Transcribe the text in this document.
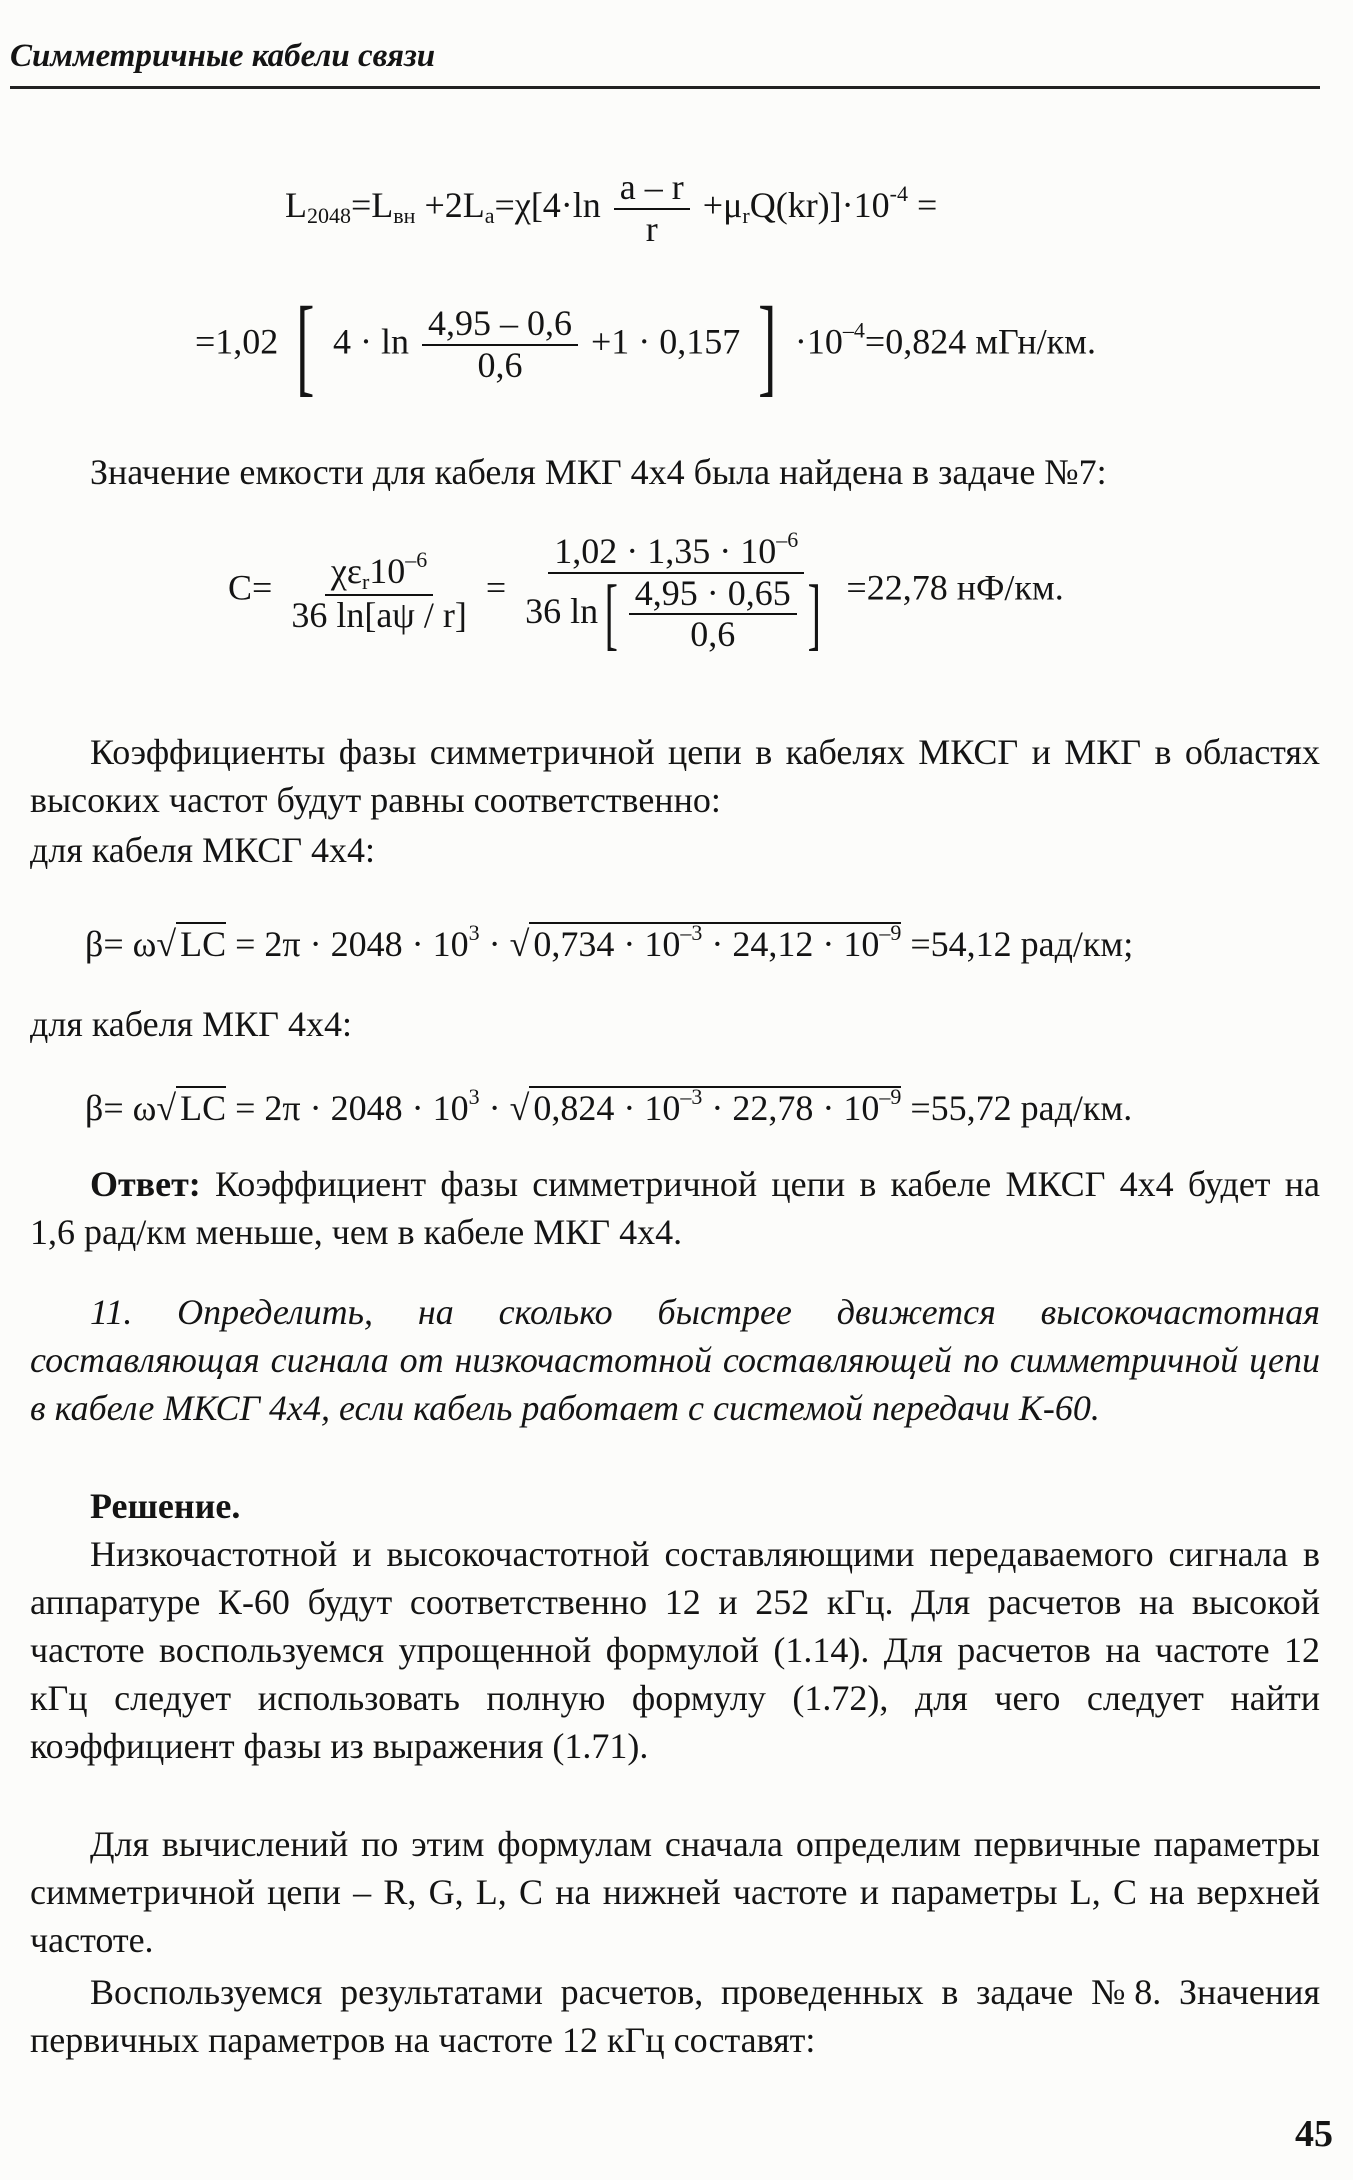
Симметричные кабели связи
$L_{2048}=L_{вн} +2L_a=\chi[4\cdot\ln \frac{a - r}{r} +\mu_rQ(kr)]\cdot 10^{-4}$ =
=1,02 [ $4 \cdot \ln \frac{4,95 - 0,6}{0,6} +1 \cdot 0,157$ ] $\cdot 10^{-4}=0,824$ мГн/км.
Значение емкости для кабеля МКГ 4х4 была найдена в задаче №7:
$C= \frac{\chi\varepsilon_r10^{-6}}{36 \ln[a\psi / r]} = \frac{1,02 \cdot 1,35 \cdot 10^{-6}}{36 \ln[ \frac{4,95 \cdot 0,65}{0,6} ]} =22,78$ нФ/км.
Коэффициенты фазы симметричной цепи в кабелях МКСГ и МКГ в областях высоких частот будут равны соответственно:
для кабеля МКСГ 4х4:
β= ω√ LC = $2\pi \cdot 2048 \cdot 10^3$ · √ $0,734 \cdot 10^{-3} \cdot 24,12 \cdot 10^{-9} =54,12$ рад/км;
для кабеля МКГ 4х4:
β= ω√ LC = $2\pi \cdot 2048 \cdot 10^3$ · √ $0,824 \cdot 10^{-3} \cdot 22,78 \cdot 10^{-9} =55,72$ рад/км.
Ответ: Коэффициент фазы симметричной цепи в кабеле МКСГ 4х4 будет на 1,6 рад/км меньше, чем в кабеле МКГ 4х4.
11. Определить, на сколько быстрее движется высокочастотная составляющая сигнала от низкочастотной составляющей по симметричной цепи в кабеле МКСГ 4х4, если кабель работает с системой передачи К-60.
Решение.
Низкочастотной и высокочастотной составляющими передаваемого сигнала в аппаратуре К-60 будут соответственно 12 и 252 кГц. Для расчетов на высокой частоте воспользуемся упрощенной формулой (1.14). Для расчетов на частоте 12 кГц следует использовать полную формулу (1.72), для чего следует найти коэффициент фазы из выражения (1.71).
Для вычислений по этим формулам сначала определим первичные параметры симметричной цепи – R, G, L, C на нижней частоте и параметры L, C на верхней частоте.
Воспользуемся результатами расчетов, проведенных в задаче №8. Значения первичных параметров на частоте 12 кГц составят:
45
